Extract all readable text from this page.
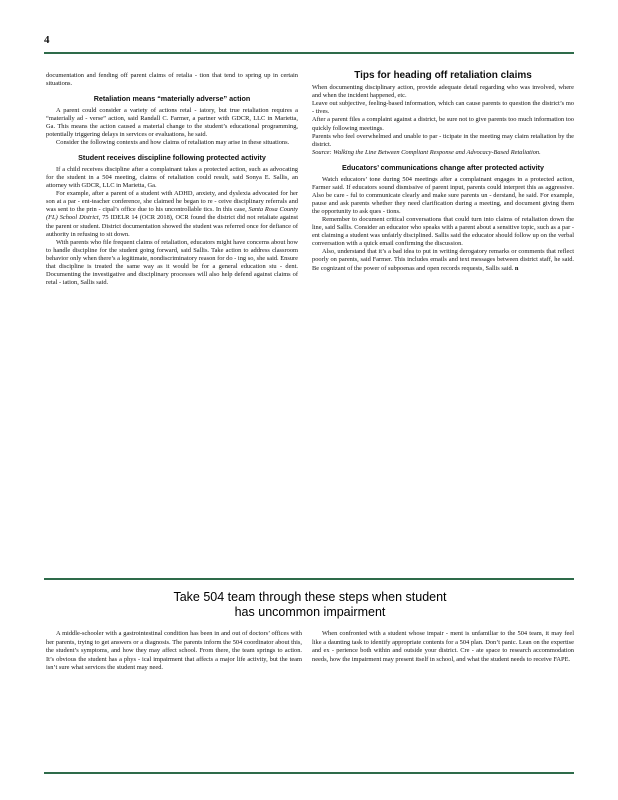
4

documentation and fending off parent claims of retalia - tion that tend to spring up in certain situations.

Retaliation means “materially adverse” action

A parent could consider a variety of actions retal - iatory, but true retaliation requires a “materially ad - verse” action, said Randall C. Farmer, a partner with GDCR, LLC in Marietta, Ga. This means the action caused a material change to the student’s educational programming, potentially triggering delays in services or evaluations, he said.

Consider the following contexts and how claims of retaliation may arise in these situations.

Student receives discipline following protected activity

If a child receives discipline after a complainant takes a protected action, such as advocating for the student in a 504 meeting, claims of retaliation could result, said Sonya E. Sallis, an attorney with GDCR, LLC in Marietta, Ga.

For example, after a parent of a student with ADHD, anxiety, and dyslexia advocated for her son at a par - ent-teacher conference, she claimed he began to re - ceive disciplinary referrals and was sent to the prin - cipal’s office due to his uncontrollable tics. In this case, Santa Rosa County (FL) School District, 75 IDELR 14 (OCR 2018), OCR found the district did not retaliate against the parent or student. District documentation showed the student was referred once for defiance of authority in refusing to sit down.

With parents who file frequent claims of retaliation, educators might have concerns about how to handle discipline for the student going forward, said Sallis. Take action to address classroom behavior only when there’s a legitimate, nondiscriminatory reason for do - ing so, she said. Ensure that discipline is treated the same way as it would be for a general education stu - dent. Documenting the investigative and disciplinary processes will also help defend against claims of retal - iation, Sallis said.

Tips for heading off retaliation claims

When documenting disciplinary action, provide adequate detail regarding who was involved, where and when the incident happened, etc.

Leave out subjective, feeling-based information, which can cause parents to question the district’s mo - tives.

After a parent files a complaint against a district, be sure not to give parents too much information too quickly following meetings.

Parents who feel overwhelmed and unable to par - ticipate in the meeting may claim retaliation by the district.

Source: Walking the Line Between Compliant Response and Advocacy-Based Retaliation.

Educators’ communications change after protected activity

Watch educators’ tone during 504 meetings after a complainant engages in a protected action, Farmer said. If educators sound dismissive of parent input, parents could interpret this as aggressive. Also be care - ful to communicate clearly and make sure parents un - derstand, he said. For example, pause and ask parents whether they need clarification during a meeting, and document giving them the opportunity to ask ques - tions.

Remember to document critical conversations that could turn into claims of retaliation down the line, said Sallis. Consider an educator who speaks with a parent about a sensitive topic, such as a par - ent claiming a student was unfairly disciplined. Sallis said the educator should follow up on the verbal conversation with a quick email confirming the discussion.

Also, understand that it’s a bad idea to put in writing derogatory remarks or comments that reflect poorly on parents, said Farmer. This includes emails and text messages between district staff, he said. Be cognizant of the power of subpoenas and open records requests, Sallis said. n

Take 504 team through these steps when student
has uncommon impairment

A middle-schooler with a gastrointestinal condition has been in and out of doctors’ offices with her parents, trying to get answers or a diagnosis. The parents inform the 504 coordinator about this, the student’s symptoms, and how they may affect school. From there, the team springs to action. It’s obvious the student has a phys - ical impairment that affects a major life activity, but the team isn’t sure what services the student may need.

When confronted with a student whose impair - ment is unfamiliar to the 504 team, it may feel like a daunting task to identify appropriate contents for a 504 plan. Don’t panic. Lean on the expertise and ex - perience both within and outside your district. Cre - ate space to research accommodation needs, how the impairment may present itself in school, and what the student needs to receive FAPE.
